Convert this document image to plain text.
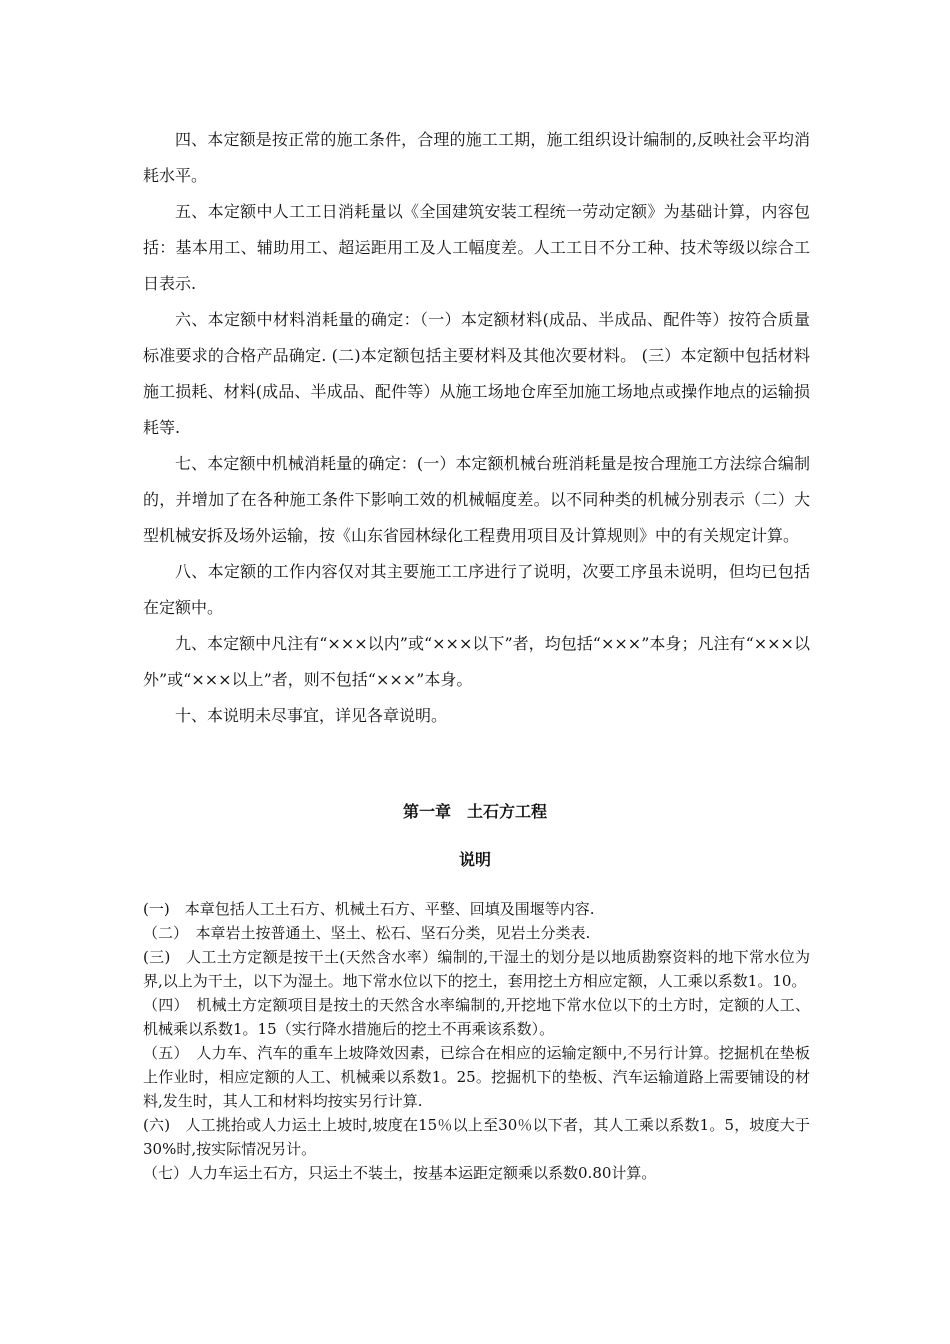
四、本定额是按正常的施工条件，合理的施工工期，施工组织设计编制的,反映社会平均消耗水平。

五、本定额中人工工日消耗量以《全国建筑安装工程统一劳动定额》为基础计算，内容包括：基本用工、辅助用工、超运距用工及人工幅度差。人工工日不分工种、技术等级以综合工日表示.

六、本定额中材料消耗量的确定：（一）本定额材料(成品、半成品、配件等）按符合质量标准要求的合格产品确定. (二)本定额包括主要材料及其他次要材料。 (三）本定额中包括材料施工损耗、材料(成品、半成品、配件等）从施工场地仓库至加施工场地点或操作地点的运输损耗等.

七、本定额中机械消耗量的确定：(一）本定额机械台班消耗量是按合理施工方法综合编制的，并增加了在各种施工条件下影响工效的机械幅度差。以不同种类的机械分别表示（二）大型机械安拆及场外运输，按《山东省园林绿化工程费用项目及计算规则》中的有关规定计算。

八、本定额的工作内容仅对其主要施工工序进行了说明，次要工序虽未说明，但均已包括在定额中。

九、本定额中凡注有“×××以内”或“×××以下”者，均包括“×××”本身；凡注有“×××以外”或“×××以上”者，则不包括“×××”本身。

十、本说明未尽事宜，详见各章说明。

第一章　土石方工程
说明

(一)　本章包括人工土石方、机械土石方、平整、回填及围堰等内容.

（二）　本章岩土按普通土、坚土、松石、坚石分类，见岩土分类表.

(三)　人工土方定额是按干土(天然含水率）编制的,干湿土的划分是以地质勘察资料的地下常水位为界,以上为干土，以下为湿土。地下常水位以下的挖土，套用挖土方相应定额，人工乘以系数1。10。

（四）　机械土方定额项目是按土的天然含水率编制的,开挖地下常水位以下的土方时，定额的人工、机械乘以系数1。15（实行降水措施后的挖土不再乘该系数）。

（五）　人力车、汽车的重车上坡降效因素，已综合在相应的运输定额中,不另行计算。挖掘机在垫板上作业时，相应定额的人工、机械乘以系数1。25。挖掘机下的垫板、汽车运输道路上需要铺设的材料,发生时，其人工和材料均按实另行计算.

(六)　人工挑抬或人力运土上坡时,坡度在15％以上至30％以下者，其人工乘以系数1。5，坡度大于30%时,按实际情况另计。

（七）人力车运土石方，只运土不装土，按基本运距定额乘以系数0.80计算。
